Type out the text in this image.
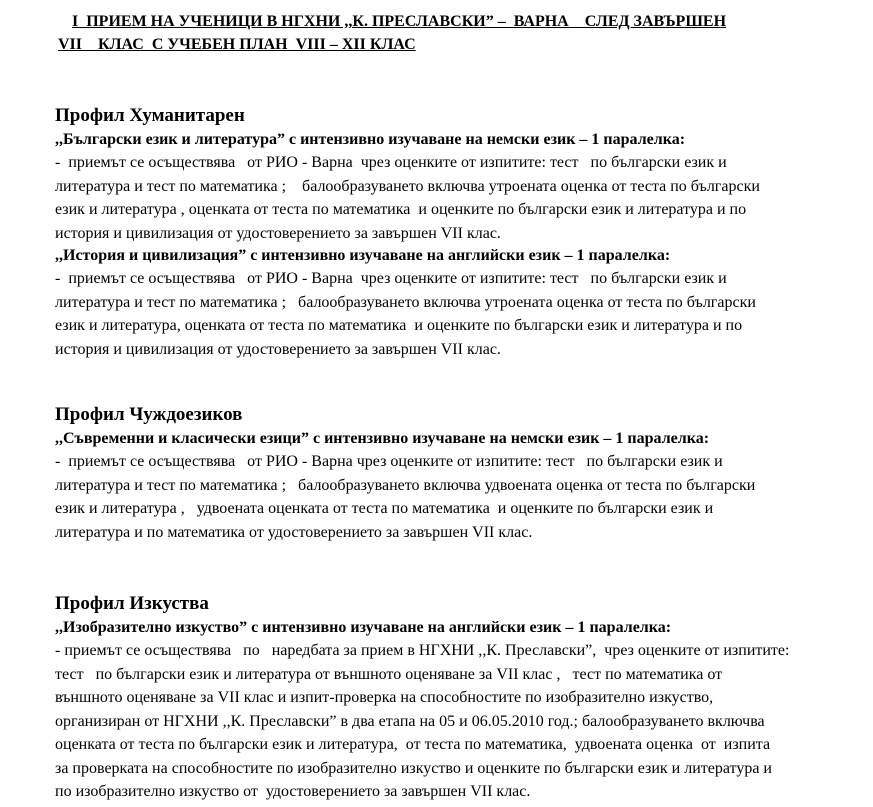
I  ПРИЕМ НА УЧЕНИЦИ В НГХНИ ,,К. ПРЕСЛАВСКИ” –  ВАРНА    СЛЕД ЗАВЪРШЕН
VII    КЛАС  С УЧЕБЕН ПЛАН  VIII – XII КЛАС
Профил Хуманитарен

,,Български език и литература” с интензивно изучаване на немски език – 1 паралелка:

-  приемът се осъществява   от РИО - Варна  чрез оценките от изпитите: тест   по български език и

литература и тест по математика ;    балообразуването включва утроената оценка от теста по български

език и литература , оценката от теста по математика  и оценките по български език и литература и по

история и цивилизация от удостоверението за завършен VII клас.

,,История и цивилизация” с интензивно изучаване на английски език – 1 паралелка:

-  приемът се осъществява   от РИО - Варна  чрез оценките от изпитите: тест   по български език и

литература и тест по математика ;   балообразуването включва утроената оценка от теста по български

език и литература, оценката от теста по математика  и оценките по български език и литература и по

история и цивилизация от удостоверението за завършен VII клас.

Профил Чуждоезиков

,,Съвременни и класически езици” с интензивно изучаване на немски език – 1 паралелка:

-  приемът се осъществява   от РИО - Варна чрез оценките от изпитите: тест   по български език и

литература и тест по математика ;   балообразуването включва удвоената оценка от теста по български

език и литература ,   удвоената оценката от теста по математика  и оценките по български език и

литература и по математика от удостоверението за завършен VII клас.

Профил Изкуства

,,Изобразително изкуство” с интензивно изучаване на английски език – 1 паралелка:

- приемът се осъществява   по   наредбата за прием в НГХНИ ,,К. Преславски”,  чрез оценките от изпитите:

тест   по български език и литература от външното оценяване за VII клас ,   тест по математика от

външното оценяване за VII клас и изпит-проверка на способностите по изобразително изкуство,

организиран от НГХНИ ,,К. Преславски” в два етапа на 05 и 06.05.2010 год.; балообразуването включва

оценката от теста по български език и литература,  от теста по математика,  удвоената оценка  от  изпита

за проверката на способностите по изобразително изкуство и оценките по български език и литература и

по изобразително изкуство от  удостоверението за завършен VII клас.
